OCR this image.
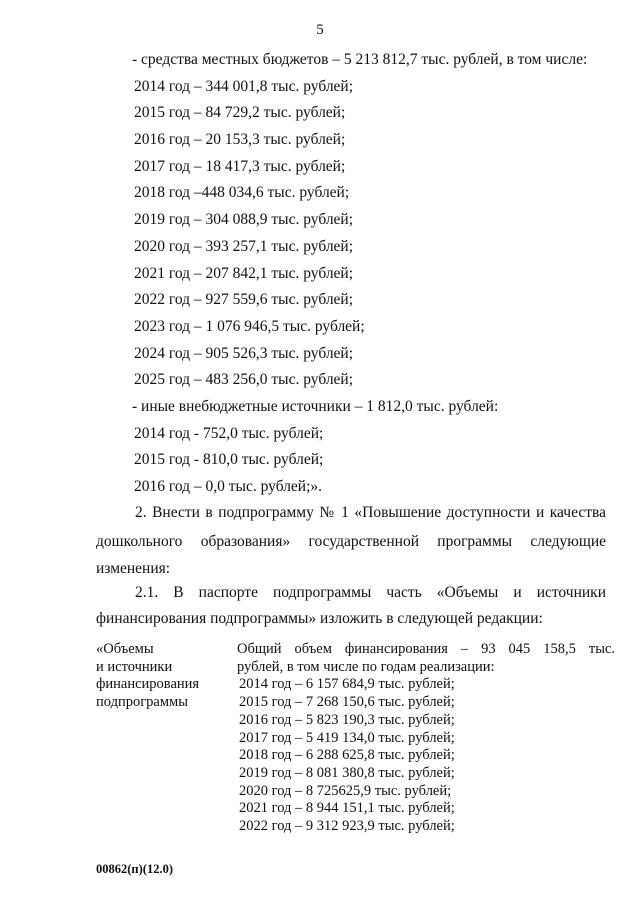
5
- средства местных бюджетов – 5 213 812,7 тыс. рублей, в том числе:
2014 год – 344 001,8 тыс. рублей;
2015 год – 84 729,2 тыс. рублей;
2016 год – 20 153,3 тыс. рублей;
2017 год – 18 417,3 тыс. рублей;
2018 год –448 034,6 тыс. рублей;
2019 год – 304 088,9 тыс. рублей;
2020 год – 393 257,1 тыс. рублей;
2021 год – 207 842,1 тыс. рублей;
2022 год – 927 559,6 тыс. рублей;
2023 год – 1 076 946,5 тыс. рублей;
2024 год – 905 526,3 тыс. рублей;
2025 год – 483 256,0 тыс. рублей;
- иные внебюджетные источники – 1 812,0 тыс. рублей:
2014 год - 752,0 тыс. рублей;
2015 год - 810,0 тыс. рублей;
2016 год – 0,0 тыс. рублей;».
2. Внести в подпрограмму № 1 «Повышение доступности и качества
дошкольного образования» государственной программы следующие
изменения:
2.1. В паспорте подпрограммы часть «Объемы и источники
финансирования подпрограммы» изложить в следующей редакции:
«Объемы
и источники
финансирования
подпрограммы
Общий объем финансирования – 93 045 158,5 тыс.
рублей, в том числе по годам реализации:
2014 год – 6 157 684,9 тыс. рублей;
2015 год – 7 268 150,6 тыс. рублей;
2016 год – 5 823 190,3 тыс. рублей;
2017 год – 5 419 134,0 тыс. рублей;
2018 год – 6 288 625,8 тыс. рублей;
2019 год – 8 081 380,8 тыс. рублей;
2020 год – 8 725625,9 тыс. рублей;
2021 год – 8 944 151,1 тыс. рублей;
2022 год – 9 312 923,9 тыс. рублей;
00862(п)(12.0)
